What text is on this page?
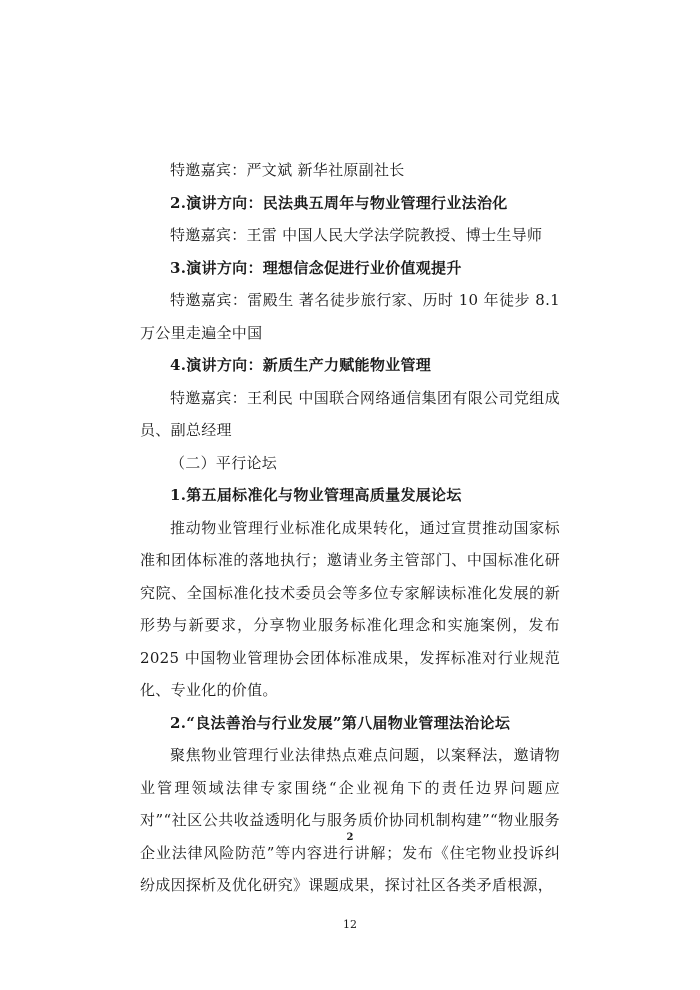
特邀嘉宾：严文斌 新华社原副社长

2.演讲方向：民法典五周年与物业管理行业法治化

特邀嘉宾：王雷 中国人民大学法学院教授、博士生导师

3.演讲方向：理想信念促进行业价值观提升

特邀嘉宾：雷殿生 著名徒步旅行家、历时 10 年徒步 8.1万公里走遍全中国

4.演讲方向：新质生产力赋能物业管理

特邀嘉宾：王利民 中国联合网络通信集团有限公司党组成员、副总经理

（二）平行论坛

1.第五届标准化与物业管理高质量发展论坛

推动物业管理行业标准化成果转化，通过宣贯推动国家标准和团体标准的落地执行；邀请业务主管部门、中国标准化研究院、全国标准化技术委员会等多位专家解读标准化发展的新形势与新要求，分享物业服务标准化理念和实施案例，发布2025 中国物业管理协会团体标准成果，发挥标准对行业规范化、专业化的价值。

2.“良法善治与行业发展”第八届物业管理法治论坛

聚焦物业管理行业法律热点难点问题，以案释法，邀请物业管理领域法律专家围绕“企业视角下的责任边界问题应对”“社区公共收益透明化与服务质价协同机制构建”“物业服务企业法律风险防范”等内容进行讲解；发布《住宅物业投诉纠纷成因探析及优化研究》课题成果，探讨社区各类矛盾根源，

2
12
